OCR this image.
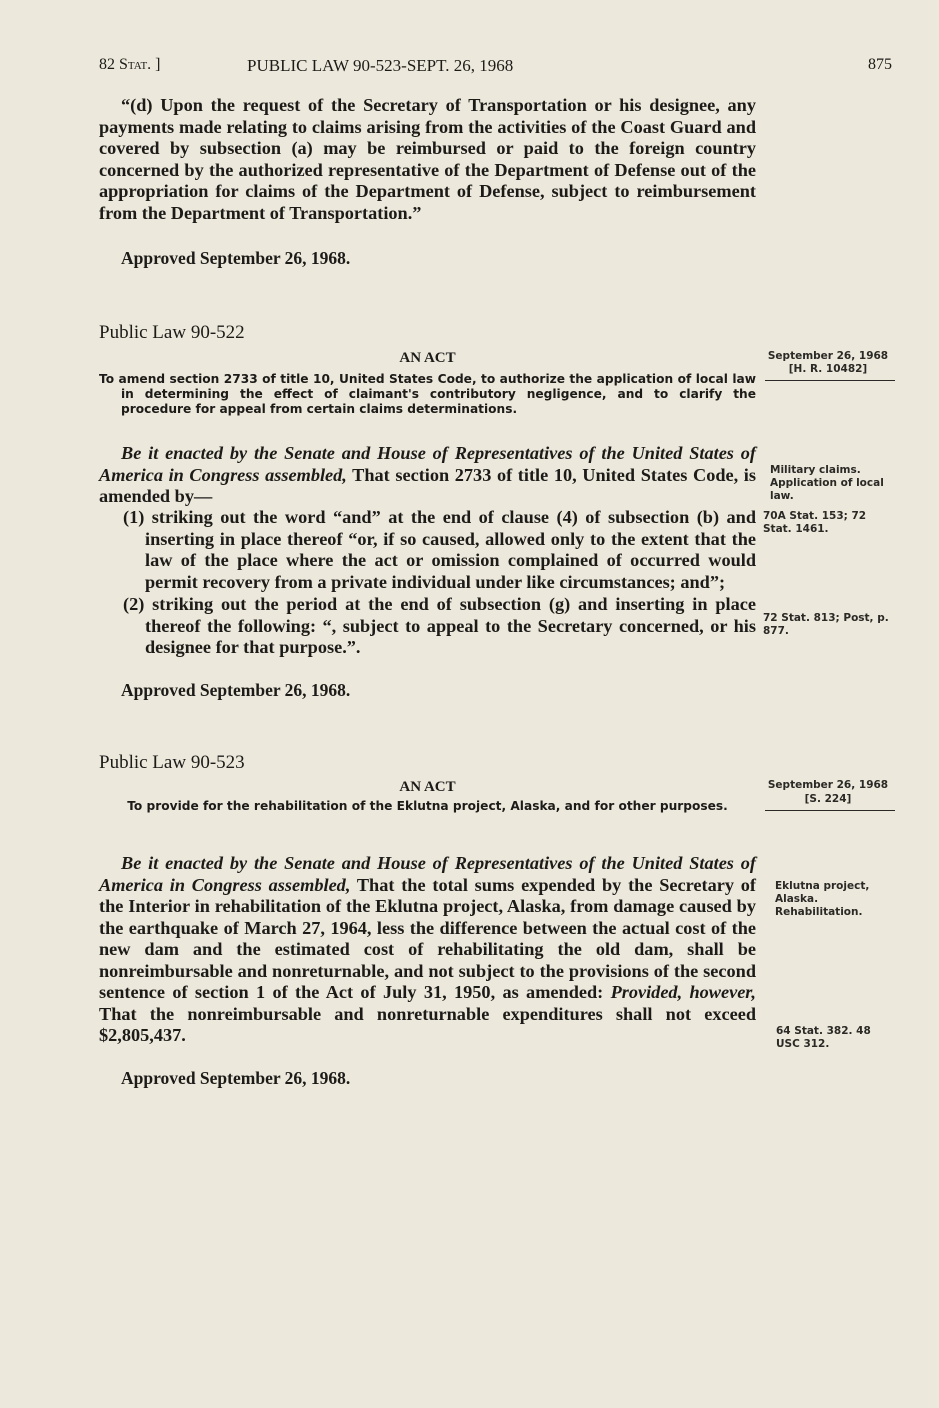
82 Stat. ]	PUBLIC LAW 90-523-SEPT. 26, 1968	875
“(d) Upon the request of the Secretary of Transportation or his designee, any payments made relating to claims arising from the activities of the Coast Guard and covered by subsection (a) may be reimbursed or paid to the foreign country concerned by the authorized representative of the Department of Defense out of the appropriation for claims of the Department of Defense, subject to reimbursement from the Department of Transportation.”
Approved September 26, 1968.
Public Law 90-522
AN ACT
To amend section 2733 of title 10, United States Code, to authorize the application of local law in determining the effect of claimant's contributory negligence, and to clarify the procedure for appeal from certain claims determinations.
September 26, 1968
[H. R. 10482]
Be it enacted by the Senate and House of Representatives of the United States of America in Congress assembled, That section 2733 of title 10, United States Code, is amended by—

(1) striking out the word “and” at the end of clause (4) of subsection (b) and inserting in place thereof “or, if so caused, allowed only to the extent that the law of the place where the act or omission complained of occurred would permit recovery from a private individual under like circumstances; and”;

(2) striking out the period at the end of subsection (g) and inserting in place thereof the following: “, subject to appeal to the Secretary concerned, or his designee for that purpose.”.

Approved September 26, 1968.
Military claims. Application of local law.
70A Stat. 153; 72 Stat. 1461.
72 Stat. 813; Post, p. 877.
Public Law 90-523
AN ACT
To provide for the rehabilitation of the Eklutna project, Alaska, and for other purposes.
September 26, 1968
[S. 224]
Be it enacted by the Senate and House of Representatives of the United States of America in Congress assembled, That the total sums expended by the Secretary of the Interior in rehabilitation of the Eklutna project, Alaska, from damage caused by the earthquake of March 27, 1964, less the difference between the actual cost of the new dam and the estimated cost of rehabilitating the old dam, shall be nonreimbursable and nonreturnable, and not subject to the provisions of the second sentence of section 1 of the Act of July 31, 1950, as amended: Provided, however, That the nonreimbursable and nonreturnable expenditures shall not exceed $2,805,437.
Approved September 26, 1968.
Eklutna project, Alaska. Rehabilitation.
64 Stat. 382. 48 USC 312.
